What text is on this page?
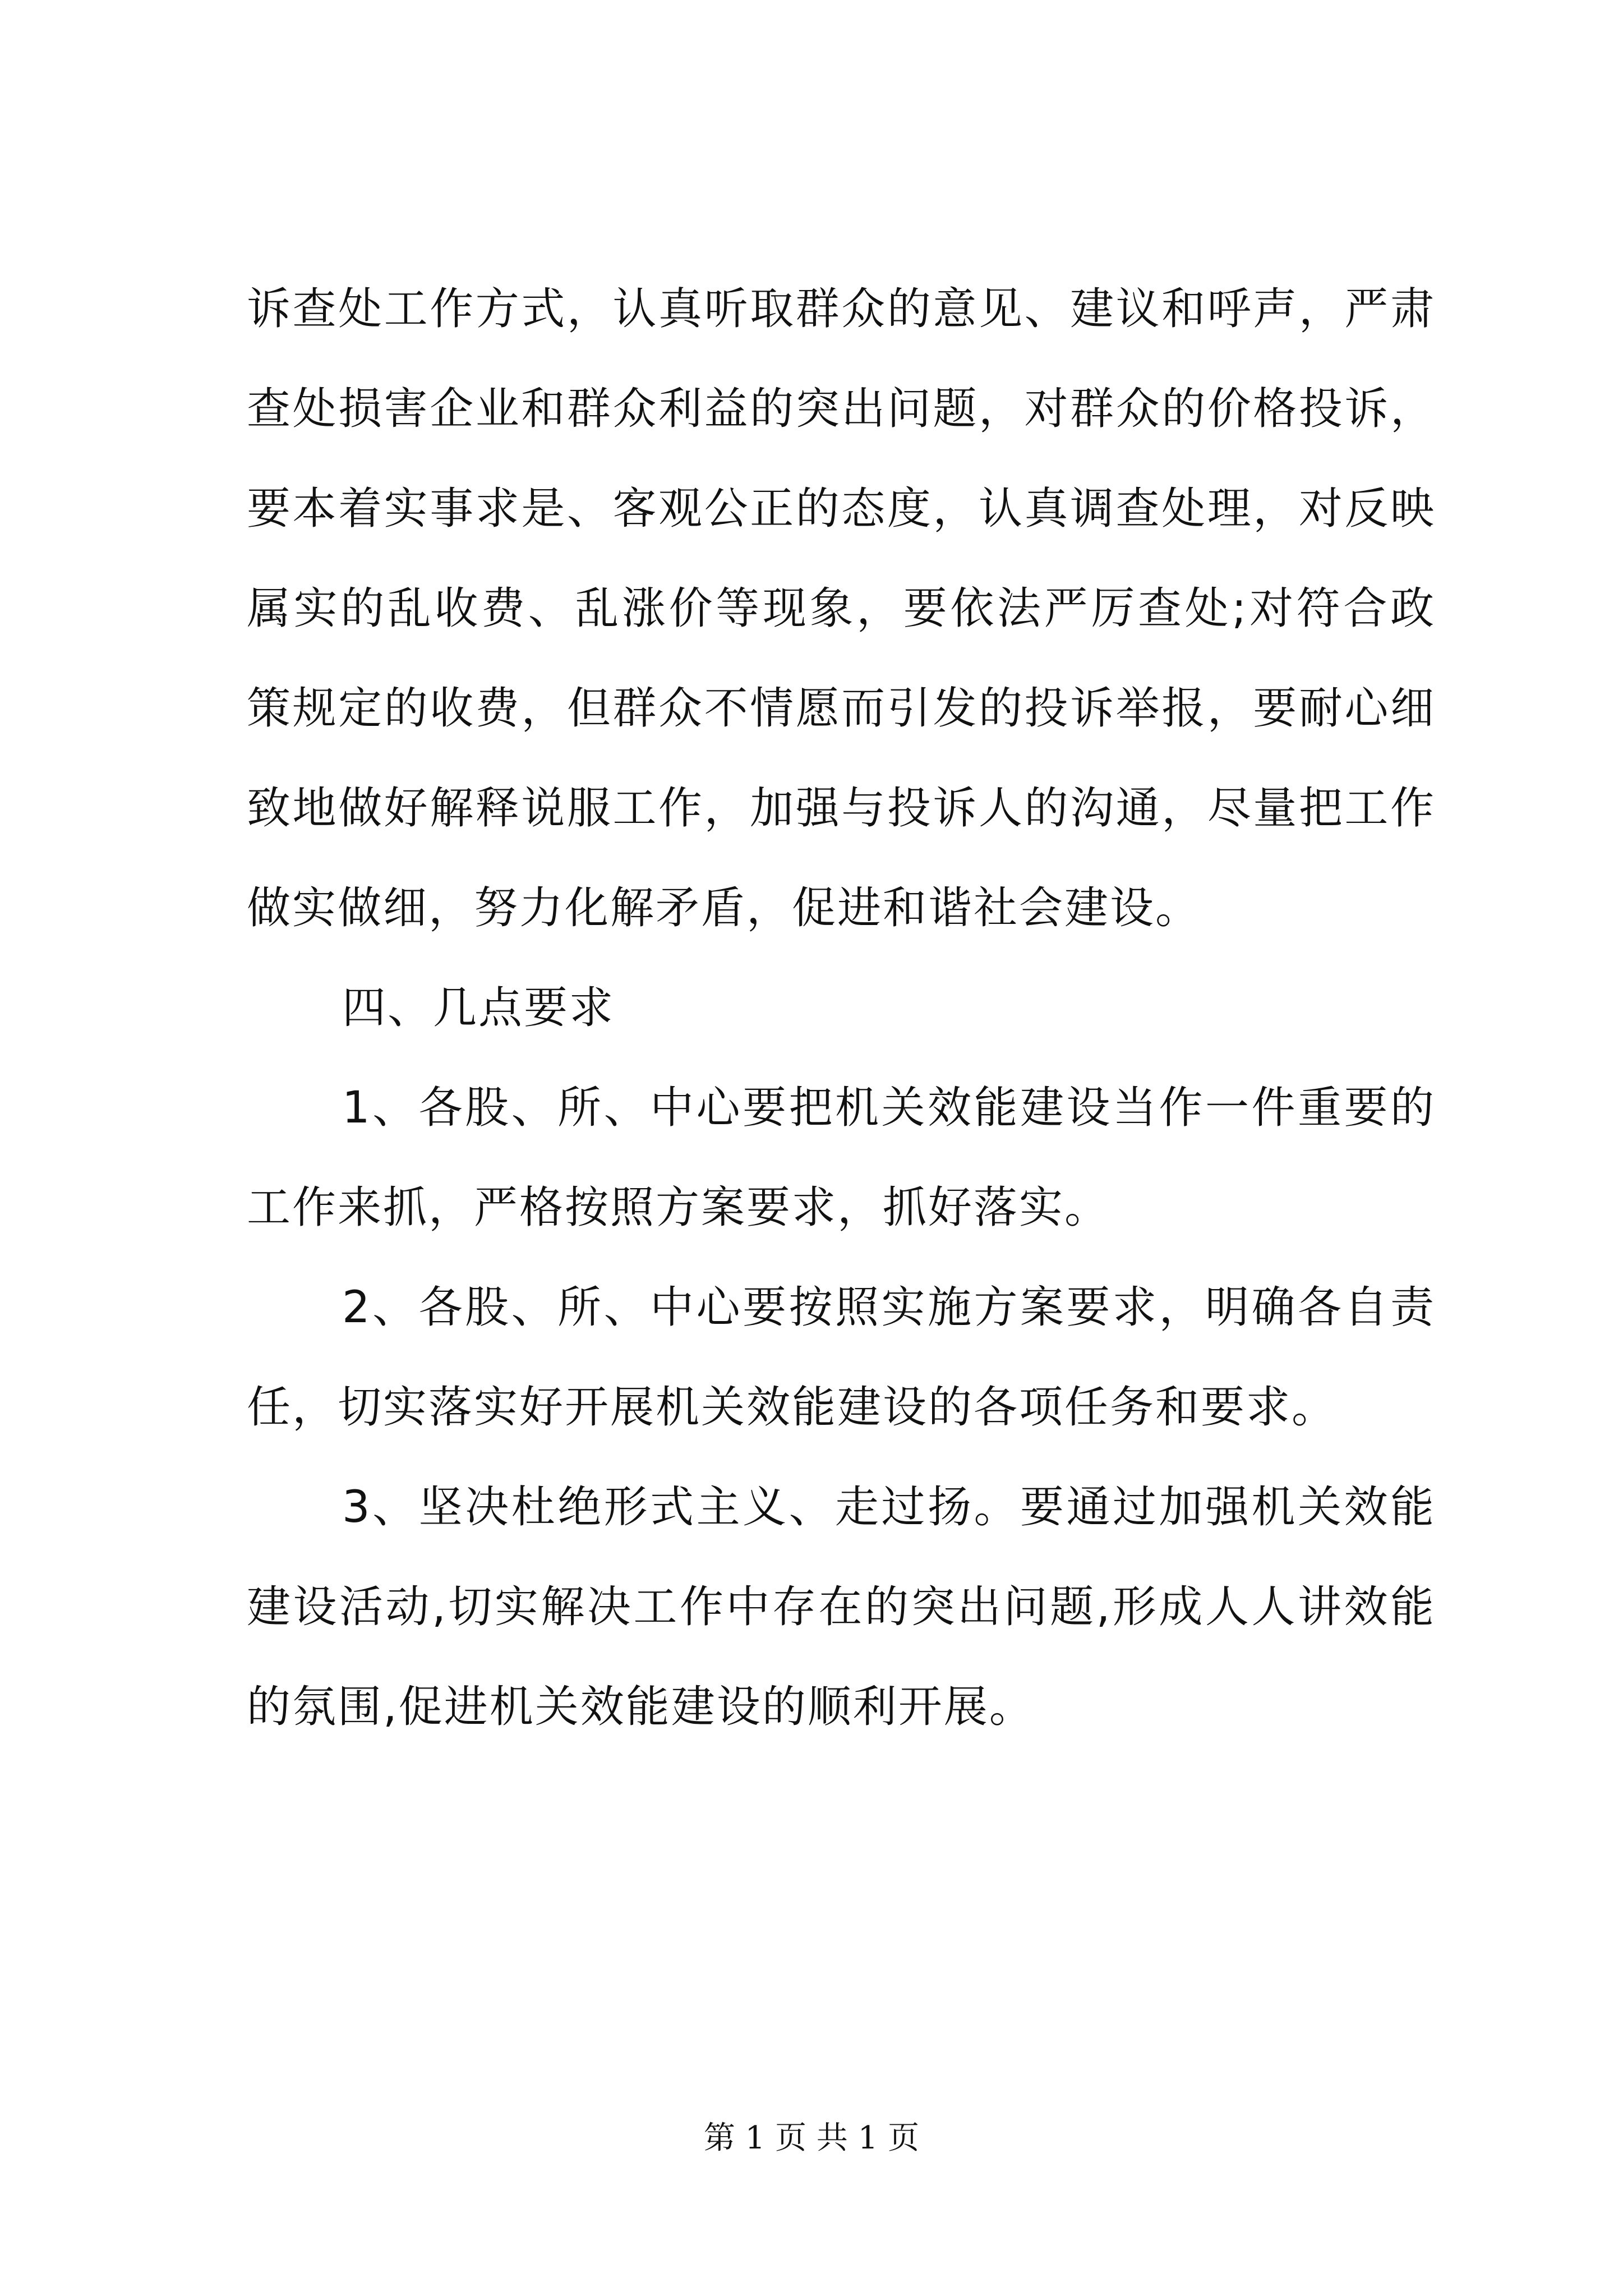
诉查处工作方式，认真听取群众的意见、建议和呼声，严肃查处损害企业和群众利益的突出问题，对群众的价格投诉，要本着实事求是、客观公正的态度，认真调查处理，对反映属实的乱收费、乱涨价等现象，要依法严厉查处;对符合政策规定的收费，但群众不情愿而引发的投诉举报，要耐心细致地做好解释说服工作，加强与投诉人的沟通，尽量把工作做实做细，努力化解矛盾，促进和谐社会建设。

四、几点要求

1、各股、所、中心要把机关效能建设当作一件重要的工作来抓，严格按照方案要求，抓好落实。

2、各股、所、中心要按照实施方案要求，明确各自责任，切实落实好开展机关效能建设的各项任务和要求。

3、坚决杜绝形式主义、走过扬。要通过加强机关效能建设活动,切实解决工作中存在的突出问题,形成人人讲效能的氛围,促进机关效能建设的顺利开展。

第 1 页 共 1 页
